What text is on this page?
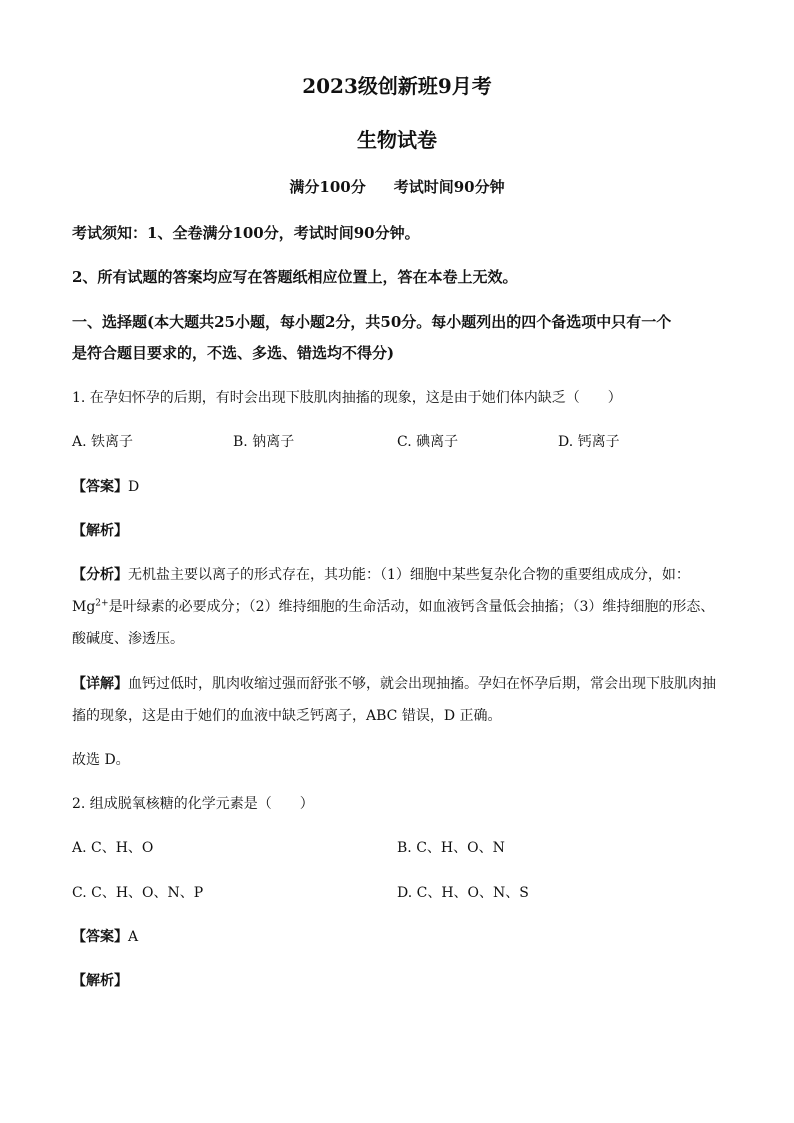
2023级创新班9月考
生物试卷
满分100分 考试时间90分钟
考试须知：1、全卷满分100分，考试时间90分钟。
2、所有试题的答案均应写在答题纸相应位置上，答在本卷上无效。
一、选择题(本大题共25小题，每小题2分，共50分。每小题列出的四个备选项中只有一个
是符合题目要求的，不选、多选、错选均不得分)
1. 在孕妇怀孕的后期，有时会出现下肢肌肉抽搐的现象，这是由于她们体内缺乏（　　）
A. 铁离子	B. 钠离子	C. 碘离子	D. 钙离子
【答案】D
【解析】
【分析】无机盐主要以离子的形式存在，其功能：（1）细胞中某些复杂化合物的重要组成成分，如：
$Mg^{2+}$是叶绿素的必要成分；（2）维持细胞的生命活动，如血液钙含量低会抽搐；（3）维持细胞的形态、
酸碱度、渗透压。
【详解】血钙过低时，肌肉收缩过强而舒张不够，就会出现抽搐。孕妇在怀孕后期，常会出现下肢肌肉抽
搐的现象，这是由于她们的血液中缺乏钙离子，ABC 错误，D 正确。
故选 D。
2. 组成脱氧核糖的化学元素是（　　）
A. C、H、O	B. C、H、O、N
C. C、H、O、N、P	D. C、H、O、N、S
【答案】A
【解析】
